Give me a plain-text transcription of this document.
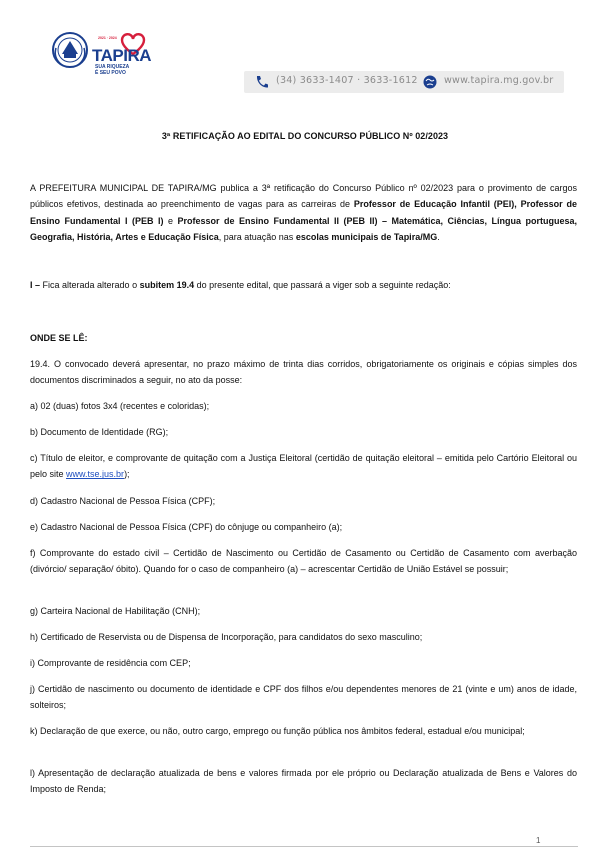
2021 · 2024
TAPIRA
SUA RIQUEZA
É SEU POVO
(34) 3633-1407 · 3633-1612	www.tapira.mg.gov.br
3ª RETIFICAÇÃO AO EDITAL DO CONCURSO PÚBLICO Nº 02/2023

A PREFEITURA MUNICIPAL DE TAPIRA/MG publica a 3ª retificação do Concurso Público nº 02/2023 para o provimento de cargos públicos efetivos, destinada ao preenchimento de vagas para as carreiras de Professor de Educação Infantil (PEI), Professor de Ensino Fundamental I (PEB I) e Professor de Ensino Fundamental II (PEB II) – Matemática, Ciências, Língua portuguesa, Geografia, História, Artes e Educação Física, para atuação nas escolas municipais de Tapira/MG.

I – Fica alterada alterado o subitem 19.4 do presente edital, que passará a viger sob a seguinte redação:

ONDE SE LÊ:

19.4. O convocado deverá apresentar, no prazo máximo de trinta dias corridos, obrigatoriamente os originais e cópias simples dos documentos discriminados a seguir, no ato da posse:

a) 02 (duas) fotos 3x4 (recentes e coloridas);

b) Documento de Identidade (RG);

c) Título de eleitor, e comprovante de quitação com a Justiça Eleitoral (certidão de quitação eleitoral – emitida pelo Cartório Eleitoral ou pelo site www.tse.jus.br);

d) Cadastro Nacional de Pessoa Física (CPF);

e) Cadastro Nacional de Pessoa Física (CPF) do cônjuge ou companheiro (a);

f) Comprovante do estado civil – Certidão de Nascimento ou Certidão de Casamento ou Certidão de Casamento com averbação (divórcio/ separação/ óbito). Quando for o caso de companheiro (a) – acrescentar Certidão de União Estável se possuir;

g) Carteira Nacional de Habilitação (CNH);

h) Certificado de Reservista ou de Dispensa de Incorporação, para candidatos do sexo masculino;

i) Comprovante de residência com CEP;

j) Certidão de nascimento ou documento de identidade e CPF dos filhos e/ou dependentes menores de 21 (vinte e um) anos de idade, solteiros;

k) Declaração de que exerce, ou não, outro cargo, emprego ou função pública nos âmbitos federal, estadual e/ou municipal;

l) Apresentação de declaração atualizada de bens e valores firmada por ele próprio ou Declaração atualizada de Bens e Valores do Imposto de Renda;

1
